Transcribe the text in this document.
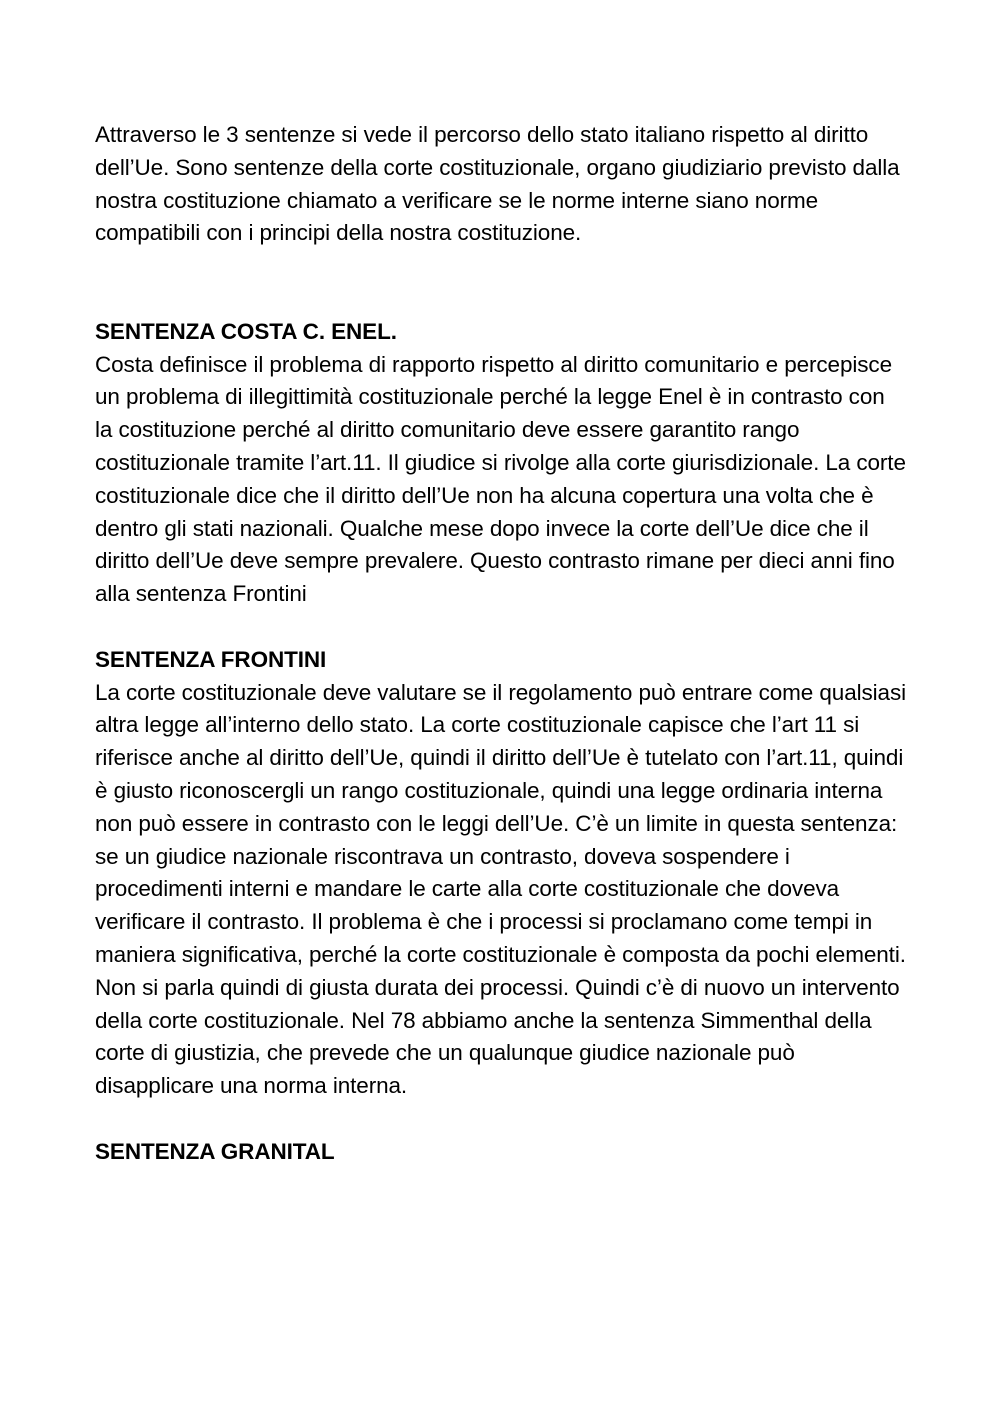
Attraverso le 3 sentenze si vede il percorso dello stato italiano rispetto al diritto dell’Ue. Sono sentenze della corte costituzionale, organo giudiziario previsto dalla nostra costituzione chiamato a verificare se le norme interne siano norme compatibili con i principi della nostra costituzione.

SENTENZA COSTA C. ENEL.

Costa definisce il problema di rapporto rispetto al diritto comunitario e percepisce un problema di illegittimità costituzionale perché la legge Enel è in contrasto con la costituzione perché al diritto comunitario deve essere garantito rango costituzionale tramite l’art.11. Il giudice si rivolge alla corte giurisdizionale. La corte costituzionale dice che il diritto dell’Ue non ha alcuna copertura una volta che è dentro gli stati nazionali. Qualche mese dopo invece la corte dell’Ue dice che il diritto dell’Ue deve sempre prevalere. Questo contrasto rimane per dieci anni fino alla sentenza Frontini

SENTENZA FRONTINI

La corte costituzionale deve valutare se il regolamento può entrare come qualsiasi altra legge all’interno dello stato. La corte costituzionale capisce che l’art 11 si riferisce anche al diritto dell’Ue, quindi il diritto dell’Ue è tutelato con l’art.11, quindi è giusto riconoscergli un rango costituzionale, quindi una legge ordinaria interna non può essere in contrasto con le leggi dell’Ue. C’è un limite in questa sentenza: se un giudice nazionale riscontrava un contrasto, doveva sospendere i procedimenti interni e mandare le carte alla corte costituzionale che doveva verificare il contrasto. Il problema è che i processi si proclamano come tempi in maniera significativa, perché la corte costituzionale è composta da pochi elementi. Non si parla quindi di giusta durata dei processi. Quindi c’è di nuovo un intervento della corte costituzionale. Nel 78 abbiamo anche la sentenza Simmenthal della corte di giustizia, che prevede che un qualunque giudice nazionale può disapplicare una norma interna.

SENTENZA GRANITAL
